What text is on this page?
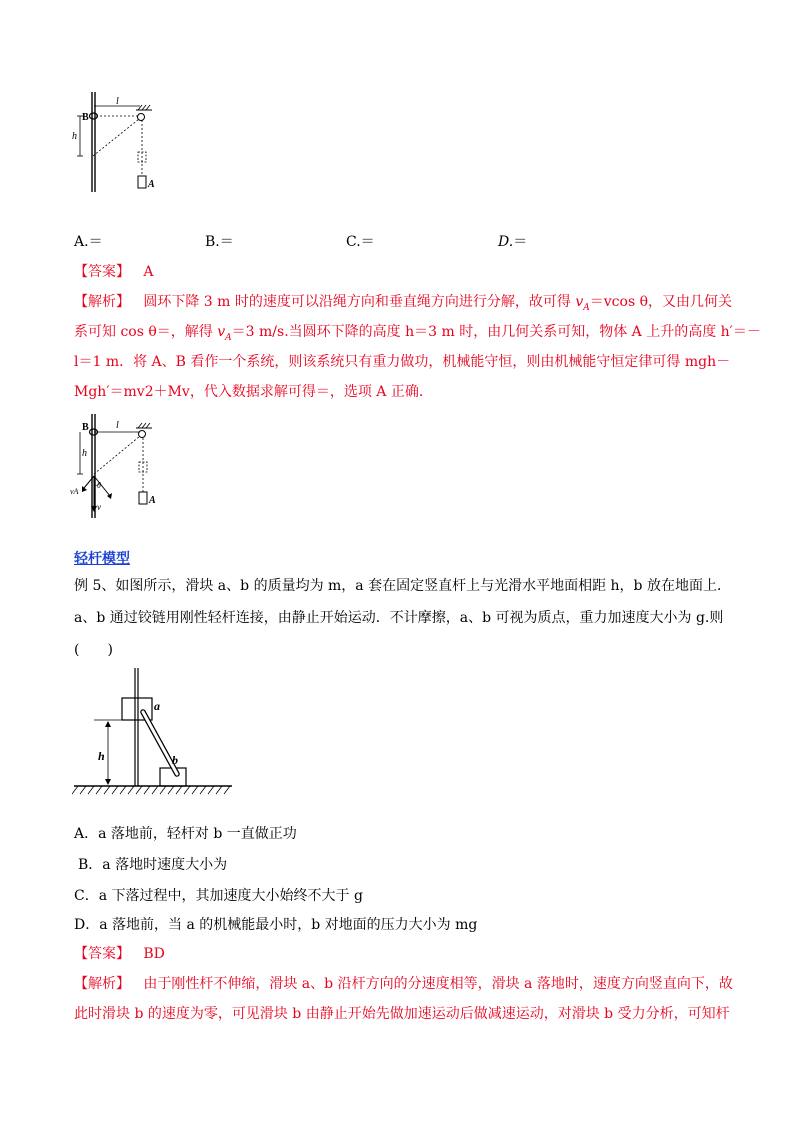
B
l
h
A
A.＝	B.＝	C.＝	D.＝
【答案】 A
【解析】 圆环下降 3 m 时的速度可以沿绳方向和垂直绳方向进行分解，故可得 $v_A=vcos$ θ，又由几何关
系可知 cos θ＝，解得 $v_A=3$ m/s.当圆环下降的高度 h＝3 m 时，由几何关系可知，物体 A 上升的高度 h′＝－
l＝1 m．将 A、B 看作一个系统，则该系统只有重力做功，机械能守恒，则由机械能守恒定律可得 mgh－
Mgh′＝mv2＋Mv，代入数据求解可得＝，选项 A 正确．
B	l
h
A
θ
vA
v
轻杆模型
例 5、如图所示，滑块 a、b 的质量均为 m，a 套在固定竖直杆上与光滑水平地面相距 h，b 放在地面上．
a、b 通过铰链用刚性轻杆连接，由静止开始运动．不计摩擦，a、b 可视为质点，重力加速度大小为 g.则
(　　)
a
b
h
A．a 落地前，轻杆对 b 一直做正功
B．a 落地时速度大小为
C．a 下落过程中，其加速度大小始终不大于 g
D．a 落地前，当 a 的机械能最小时，b 对地面的压力大小为 mg
【答案】 BD
【解析】 由于刚性杆不伸缩，滑块 a、b 沿杆方向的分速度相等，滑块 a 落地时，速度方向竖直向下，故
此时滑块 b 的速度为零，可见滑块 b 由静止开始先做加速运动后做减速运动，对滑块 b 受力分析，可知杆
